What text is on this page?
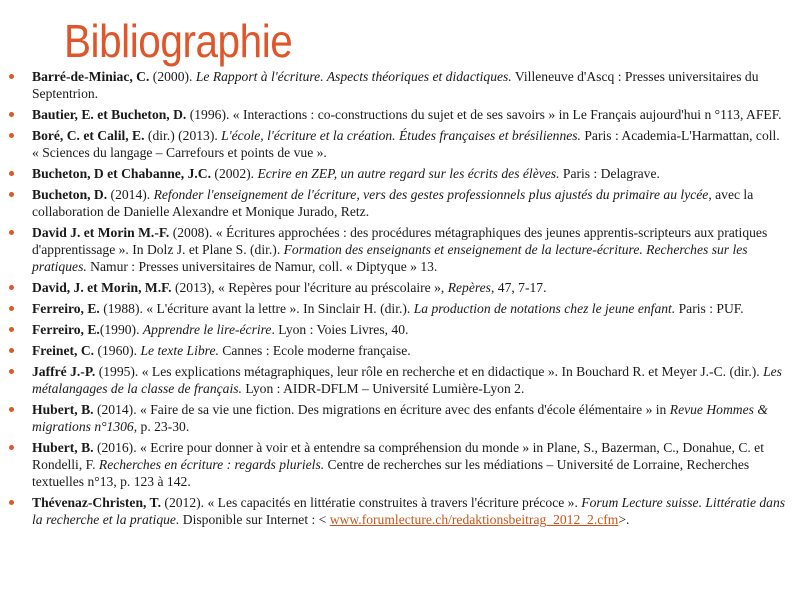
Bibliographie
Barré-de-Miniac, C. (2000). Le Rapport à l'écriture. Aspects théoriques et didactiques. Villeneuve d'Ascq : Presses universitaires du Septentrion.
Bautier, E. et Bucheton, D. (1996). « Interactions : co-constructions du sujet et de ses savoirs » in Le Français aujourd'hui n °113, AFEF.
Boré, C. et Calil, E. (dir.) (2013). L'école, l'écriture et la création. Études françaises et brésiliennes. Paris : Academia-L'Harmattan, coll. « Sciences du langage – Carrefours et points de vue ».
Bucheton, D et Chabanne, J.C. (2002). Ecrire en ZEP, un autre regard sur les écrits des élèves. Paris : Delagrave.
Bucheton, D. (2014). Refonder l'enseignement de l'écriture, vers des gestes professionnels plus ajustés du primaire au lycée, avec la collaboration de Danielle Alexandre et Monique Jurado, Retz.
David J. et Morin M.-F. (2008). « Écritures approchées : des procédures métagraphiques des jeunes apprentis-scripteurs aux pratiques d'apprentissage ». In Dolz J. et Plane S. (dir.). Formation des enseignants et enseignement de la lecture-écriture. Recherches sur les pratiques. Namur : Presses universitaires de Namur, coll. « Diptyque » 13.
David, J. et Morin, M.F. (2013), « Repères pour l'écriture au préscolaire », Repères, 47, 7-17.
Ferreiro, E. (1988). « L'écriture avant la lettre ». In Sinclair H. (dir.). La production de notations chez le jeune enfant. Paris : PUF.
Ferreiro, E.(1990). Apprendre le lire-écrire. Lyon : Voies Livres, 40.
Freinet, C. (1960). Le texte Libre. Cannes : Ecole moderne française.
Jaffré J.-P. (1995). « Les explications métagraphiques, leur rôle en recherche et en didactique ». In Bouchard R. et Meyer J.-C. (dir.). Les métalangages de la classe de français. Lyon : AIDR-DFLM – Université Lumière-Lyon 2.
Hubert, B. (2014). « Faire de sa vie une fiction. Des migrations en écriture avec des enfants d'école élémentaire » in Revue Hommes & migrations n°1306, p. 23-30.
Hubert, B. (2016). « Ecrire pour donner à voir et à entendre sa compréhension du monde » in Plane, S., Bazerman, C., Donahue, C. et Rondelli, F. Recherches en écriture : regards pluriels. Centre de recherches sur les médiations – Université de Lorraine, Recherches textuelles n°13, p. 123 à 142.
Thévenaz-Christen, T. (2012). « Les capacités en littératie construites à travers l'écriture précoce ». Forum Lecture suisse. Littératie dans la recherche et la pratique. Disponible sur Internet : < www.forumlecture.ch/redaktionsbeitrag_2012_2.cfm>.
